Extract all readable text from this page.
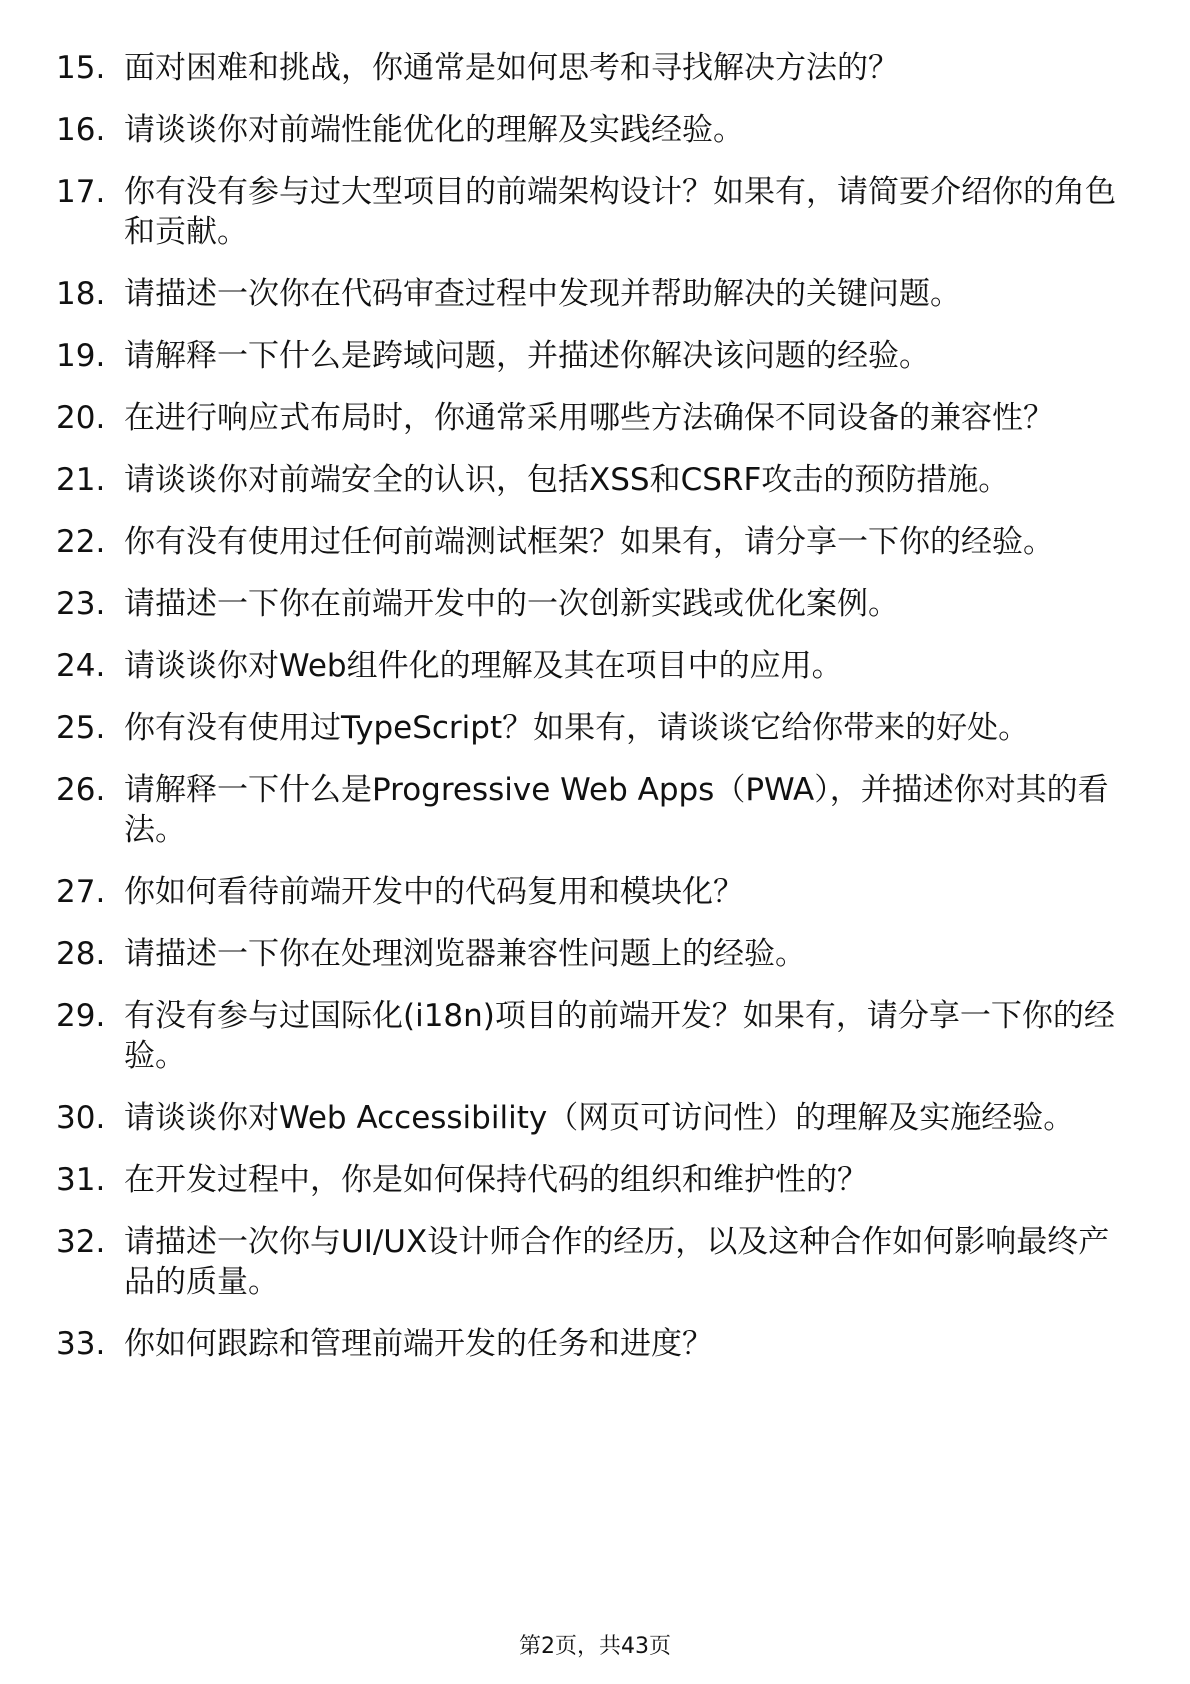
15. 面对困难和挑战，你通常是如何思考和寻找解决方法的？
16. 请谈谈你对前端性能优化的理解及实践经验。
17. 你有没有参与过大型项目的前端架构设计？如果有，请简要介绍你的角色和贡献。
18. 请描述一次你在代码审查过程中发现并帮助解决的关键问题。
19. 请解释一下什么是跨域问题，并描述你解决该问题的经验。
20. 在进行响应式布局时，你通常采用哪些方法确保不同设备的兼容性？
21. 请谈谈你对前端安全的认识，包括XSS和CSRF攻击的预防措施。
22. 你有没有使用过任何前端测试框架？如果有，请分享一下你的经验。
23. 请描述一下你在前端开发中的一次创新实践或优化案例。
24. 请谈谈你对Web组件化的理解及其在项目中的应用。
25. 你有没有使用过TypeScript？如果有，请谈谈它给你带来的好处。
26. 请解释一下什么是Progressive Web Apps（PWA），并描述你对其的看法。
27. 你如何看待前端开发中的代码复用和模块化？
28. 请描述一下你在处理浏览器兼容性问题上的经验。
29. 有没有参与过国际化(i18n)项目的前端开发？如果有，请分享一下你的经验。
30. 请谈谈你对Web Accessibility（网页可访问性）的理解及实施经验。
31. 在开发过程中，你是如何保持代码的组织和维护性的？
32. 请描述一次你与UI/UX设计师合作的经历，以及这种合作如何影响最终产品的质量。
33. 你如何跟踪和管理前端开发的任务和进度？
第2页，共43页
